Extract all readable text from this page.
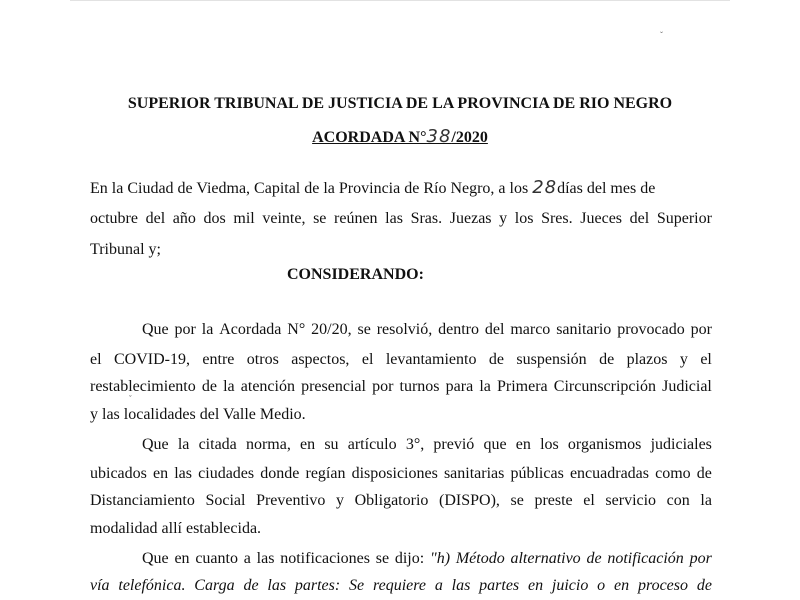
ˇ
SUPERIOR TRIBUNAL DE JUSTICIA DE LA PROVINCIA DE RIO NEGRO
ACORDADA N°38/2020
En la Ciudad de Viedma, Capital de la Provincia de Río Negro, a los 28días del mes de
octubre del año dos mil veinte, se reúnen las Sras. Juezas y los Sres. Jueces del Superior
Tribunal y;
CONSIDERANDO:
Que por la Acordada N° 20/20, se resolvió, dentro del marco sanitario provocado por
el COVID-19, entre otros aspectos, el levantamiento de suspensión de plazos y el
restablecimiento de la atención presencial por turnos para la Primera Circunscripción Judicial
ˇ
y las localidades del Valle Medio.
Que la citada norma, en su artículo 3°, previó que en los organismos judiciales
ubicados en las ciudades donde regían disposiciones sanitarias públicas encuadradas como de
Distanciamiento Social Preventivo y Obligatorio (DISPO), se preste el servicio con la
modalidad allí establecida.
Que en cuanto a las notificaciones se dijo: "h) Método alternativo de notificación por
vía telefónica. Carga de las partes: Se requiere a las partes en juicio o en proceso de
